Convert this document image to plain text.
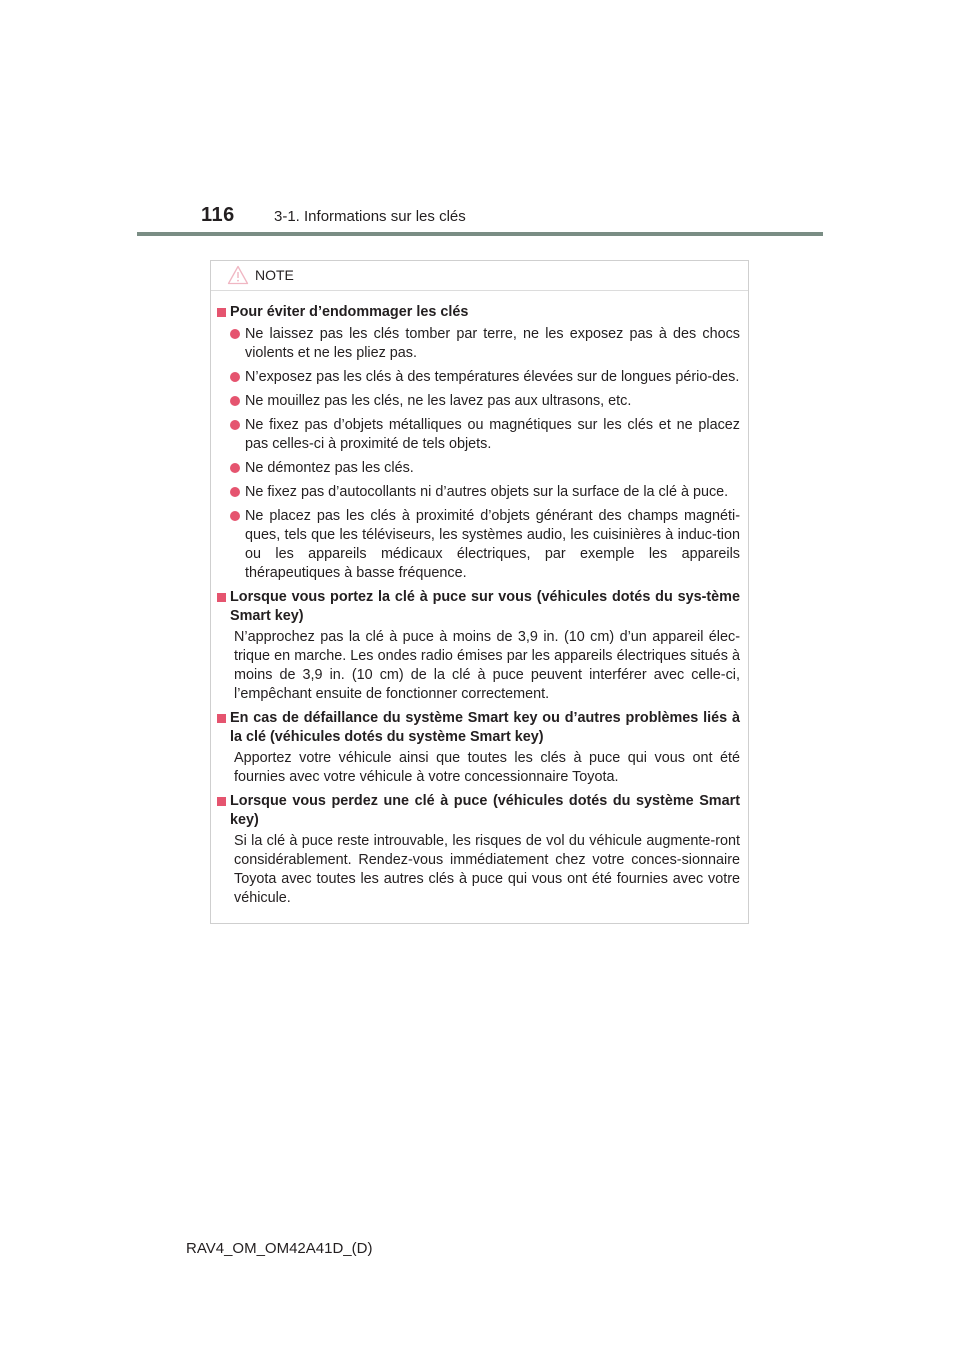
116	3-1. Informations sur les clés
NOTE
Pour éviter d’endommager les clés
Ne laissez pas les clés tomber par terre, ne les exposez pas à des chocs violents et ne les pliez pas.
N’exposez pas les clés à des températures élevées sur de longues pério-des.
Ne mouillez pas les clés, ne les lavez pas aux ultrasons, etc.
Ne fixez pas d’objets métalliques ou magnétiques sur les clés et ne placez pas celles-ci à proximité de tels objets.
Ne démontez pas les clés.
Ne fixez pas d’autocollants ni d’autres objets sur la surface de la clé à puce.
Ne placez pas les clés à proximité d’objets générant des champs magnéti-ques, tels que les téléviseurs, les systèmes audio, les cuisinières à induc-tion ou les appareils médicaux électriques, par exemple les appareils thérapeutiques à basse fréquence.
Lorsque vous portez la clé à puce sur vous (véhicules dotés du sys-tème Smart key)
N’approchez pas la clé à puce à moins de 3,9 in. (10 cm) d’un appareil élec-trique en marche. Les ondes radio émises par les appareils électriques situés à moins de 3,9 in. (10 cm) de la clé à puce peuvent interférer avec celle-ci, l’empêchant ensuite de fonctionner correctement.
En cas de défaillance du système Smart key ou d’autres problèmes liés à la clé (véhicules dotés du système Smart key)
Apportez votre véhicule ainsi que toutes les clés à puce qui vous ont été fournies avec votre véhicule à votre concessionnaire Toyota.
Lorsque vous perdez une clé à puce (véhicules dotés du système Smart key)
Si la clé à puce reste introuvable, les risques de vol du véhicule augmente-ront considérablement. Rendez-vous immédiatement chez votre conces-sionnaire Toyota avec toutes les autres clés à puce qui vous ont été fournies avec votre véhicule.
RAV4_OM_OM42A41D_(D)
